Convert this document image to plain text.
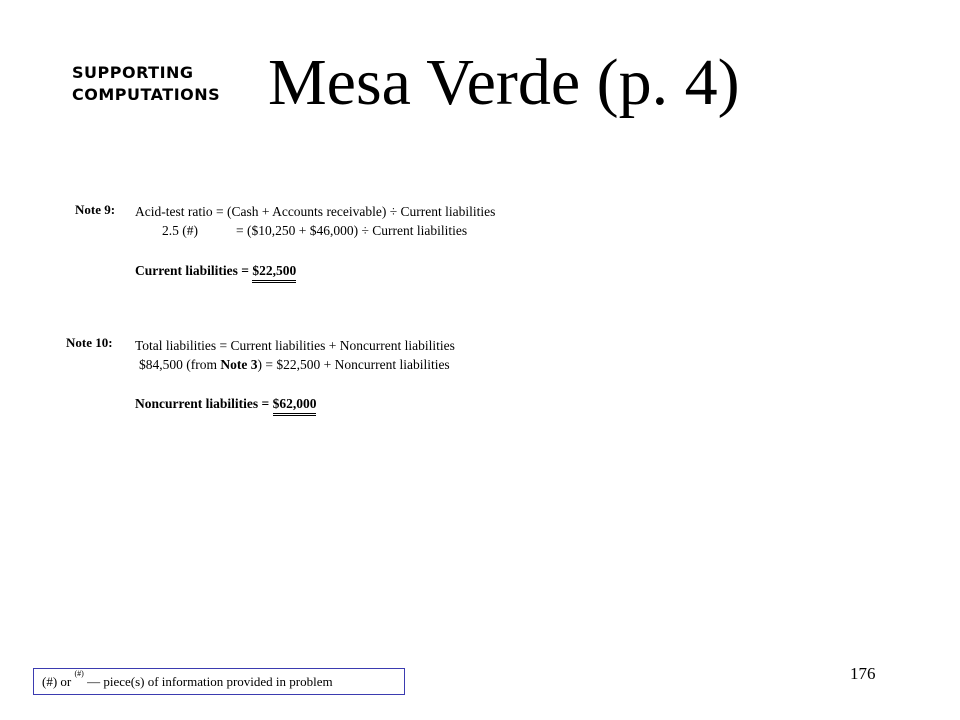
SUPPORTING
COMPUTATIONS Mesa Verde (p. 4)
Note 9: Acid-test ratio = (Cash + Accounts receivable) ÷ Current liabilities
2.5 (#)	= ($10,250 + $46,000) ÷ Current liabilities
Current liabilities = $22,500
Note 10: Total liabilities = Current liabilities + Noncurrent liabilities
$84,500 (from Note 3) = $22,500 + Noncurrent liabilities
Noncurrent liabilities = $62,000
(#) or (#) — piece(s) of information provided in problem	176
